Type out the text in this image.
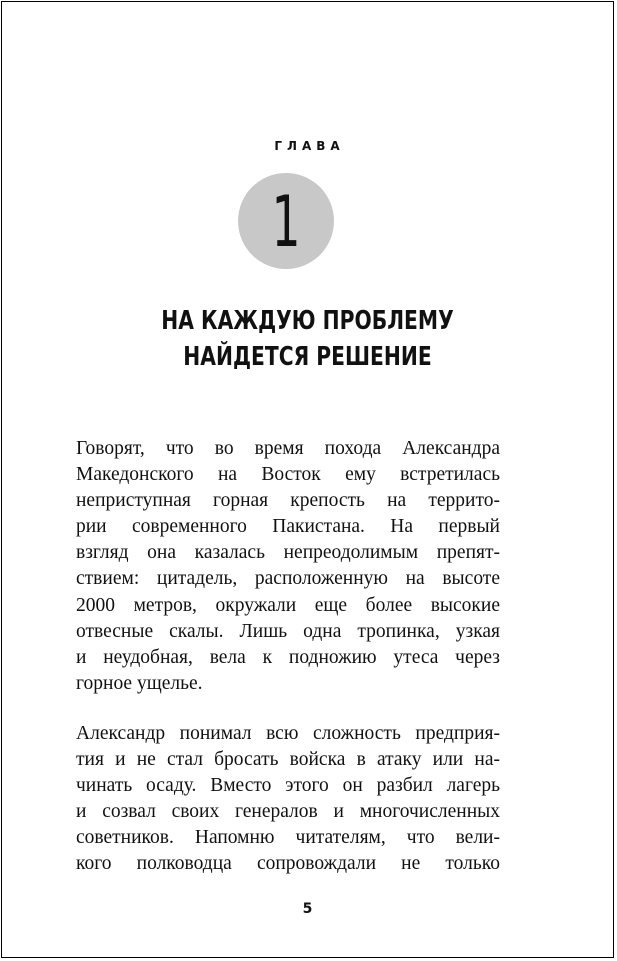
ГЛАВА
1
НА КАЖДУЮ ПРОБЛЕМУ
НАЙДЕТСЯ РЕШЕНИЕ

Говорят, что во время похода Александра
Македонского на Восток ему встретилась
неприступная горная крепость на террито-
рии современного Пакистана. На первый
взгляд она казалась непреодолимым препят-
ствием: цитадель, расположенную на высоте
2000 метров, окружали еще более высокие
отвесные скалы. Лишь одна тропинка, узкая
и неудобная, вела к подножию утеса через
горное ущелье.

Александр понимал всю сложность предприя-
тия и не стал бросать войска в атаку или на-
чинать осаду. Вместо этого он разбил лагерь
и созвал своих генералов и многочисленных
советников. Напомню читателям, что вели-
кого полководца сопровождали не только

5
